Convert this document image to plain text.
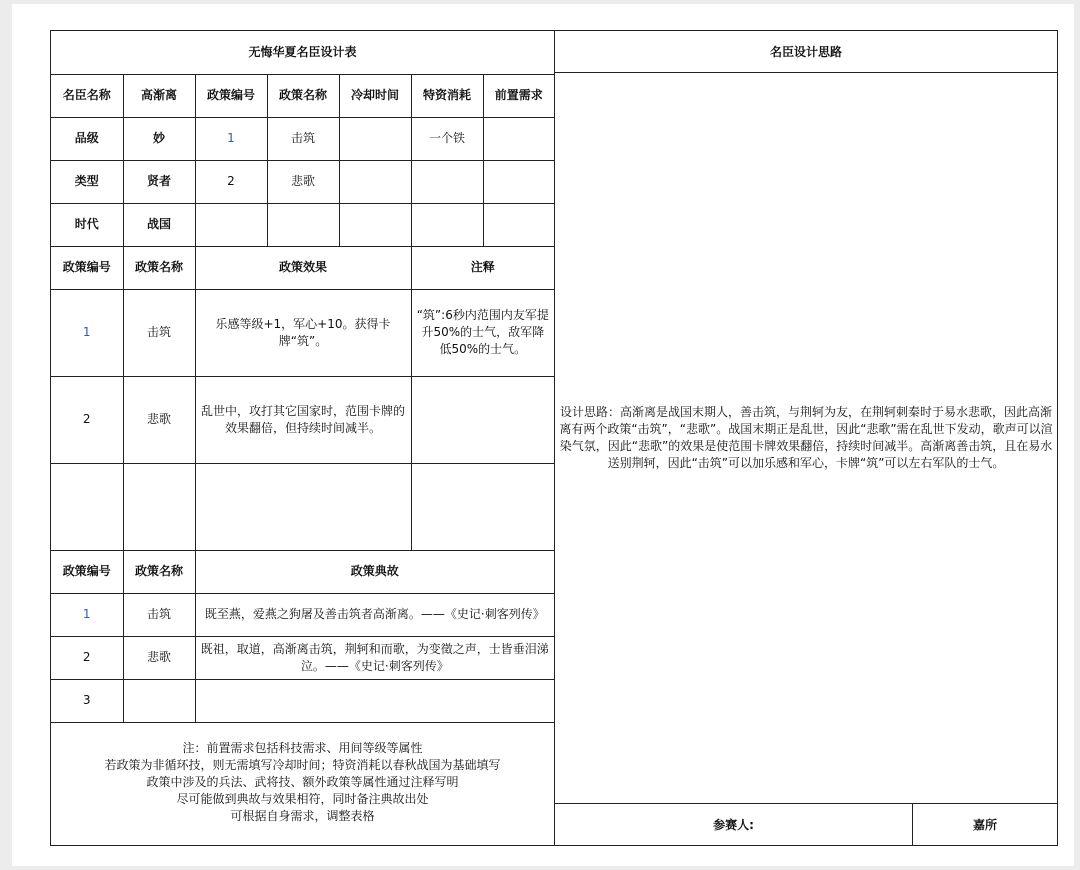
无悔华夏名臣设计表						
名臣名称	高渐离	政策编号	政策名称	冷却时间	特资消耗	前置需求
品级	妙	1	击筑		一个铁	
类型	贤者	2	悲歌			
时代	战国					
政策编号	政策名称	政策效果			注释	
1	击筑	乐感等级+1，军心+10。获得卡牌“筑”。			“筑”:6秒内范围内友军提升50%的士气，敌军降低50%的士气。	
2	悲歌	乱世中，攻打其它国家时，范围卡牌的效果翻倍，但持续时间减半。				

政策编号	政策名称	政策典故				
1	击筑	既至燕，爱燕之狗屠及善击筑者高渐离。——《史记·刺客列传》				
2	悲歌	既祖，取道，高渐离击筑，荆轲和而歌，为变徵之声，士皆垂泪涕泣。——《史记·刺客列传》				
3						
注：前置需求包括科技需求、用间等级等属性
若政策为非循环技，则无需填写冷却时间；特资消耗以春秋战国为基础填写
政策中涉及的兵法、武将技、额外政策等属性通过注释写明
尽可能做到典故与效果相符，同时备注典故出处
可根据自身需求，调整表格
名臣设计思路

设计思路：高渐离是战国末期人，善击筑，与荆轲为友，在荆轲刺秦时于易水悲歌，因此高渐离有两个政策“击筑”，“悲歌”。战国末期正是乱世，因此“悲歌”需在乱世下发动，歌声可以渲染气氛，因此“悲歌”的效果是使范围卡牌效果翻倍，持续时间减半。高渐离善击筑，且在易水送别荆轲，因此“击筑”可以加乐感和军心，卡牌“筑”可以左右军队的士气。

参赛人:	嘉所
